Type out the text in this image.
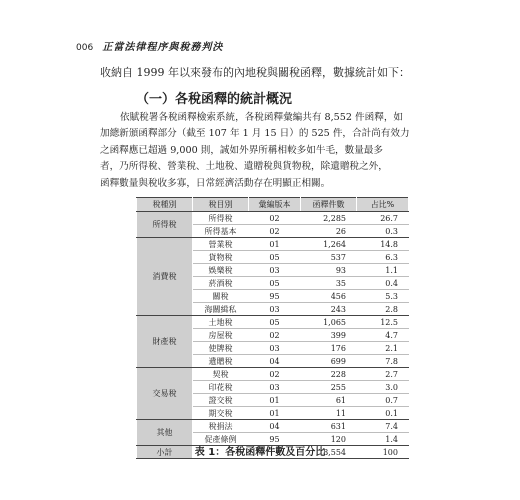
006 正當法律程序與稅務判決
收納自 1999 年以來發布的內地稅與關稅函釋，數據統計如下：
（一）各稅函釋的統計概況
依賦稅署各稅函釋檢索系統，各稅函釋彙編共有 8,552 件函釋，如
加總新頒函釋部分（截至 107 年 1 月 15 日）的 525 件，合計尚有效力
之函釋應已超過 9,000 則，誠如外界所稱相較多如牛毛，數量最多
者，乃所得稅、營業稅、土地稅、遺贈稅與貨物稅，除遺贈稅之外，
函釋數量與稅收多寡，日常經濟活動存在明顯正相關。
稅種別	稅目別	彙編版本	函釋件數	占比%
所得稅	所得稅	02	2,285	26.7
	所得基本	02	26	0.3
消費稅	營業稅	01	1,264	14.8
	貨物稅	05	537	6.3
	娛樂稅	03	93	1.1
	菸酒稅	05	35	0.4
	關稅	95	456	5.3
	海關緝私	03	243	2.8
財產稅	土地稅	05	1,065	12.5
	房屋稅	02	399	4.7
	使牌稅	03	176	2.1
	遺贈稅	04	699	7.8
交易稅	契稅	02	228	2.7
	印花稅	03	255	3.0
	證交稅	01	61	0.7
	期交稅	01	11	0.1
其他	稅捐法	04	631	7.4
	促產條例	95	120	1.4
小計			8,554	100
表 1：各稅函釋件數及百分比
